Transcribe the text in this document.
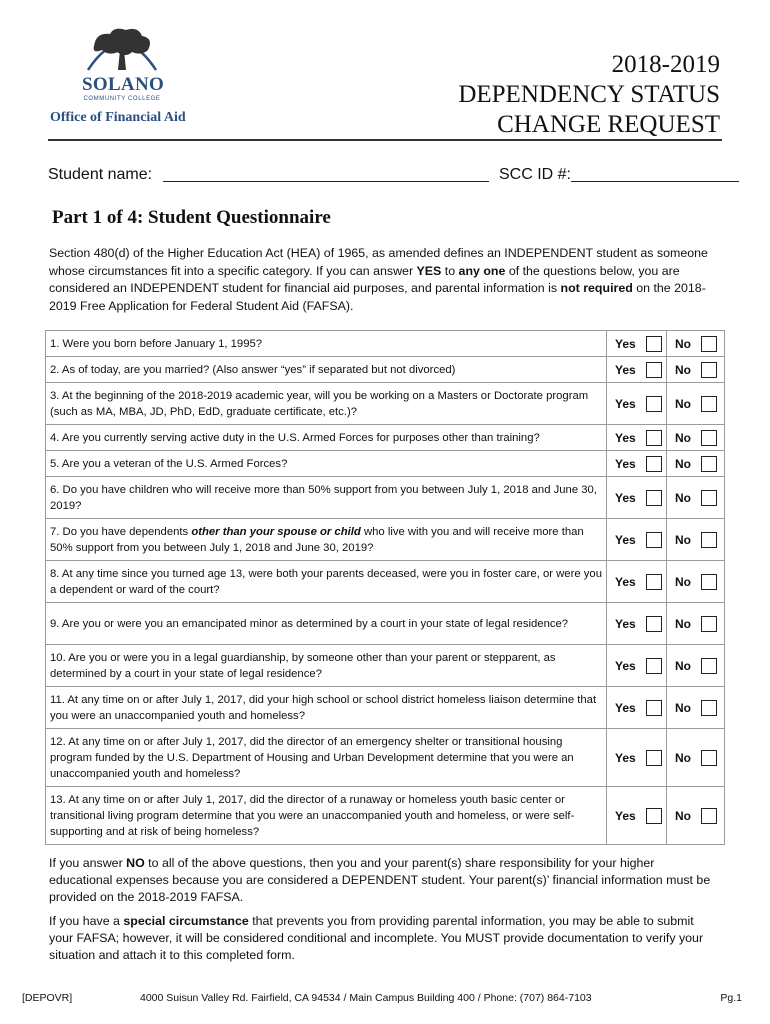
SOLANO
COMMUNITY COLLEGE
Office of Financial Aid
2018-2019
DEPENDENCY STATUS
CHANGE REQUEST
Student name:	SCC ID #:
Part 1 of 4: Student Questionnaire
Section 480(d) of the Higher Education Act (HEA) of 1965, as amended defines an INDEPENDENT student as someone whose circumstances fit into a specific category. If you can answer YES to any one of the questions below, you are considered an INDEPENDENT student for financial aid purposes, and parental information is not required on the 2018-2019 Free Application for Federal Student Aid (FAFSA).
1. Were you born before January 1, 1995?	Yes	No
2. As of today, are you married? (Also answer “yes” if separated but not divorced)	Yes	No
3. At the beginning of the 2018-2019 academic year, will you be working on a Masters or Doctorate program (such as MA, MBA, JD, PhD, EdD, graduate certificate, etc.)?	Yes	No
4. Are you currently serving active duty in the U.S. Armed Forces for purposes other than training?	Yes	No
5. Are you a veteran of the U.S. Armed Forces?	Yes	No
6. Do you have children who will receive more than 50% support from you between July 1, 2018 and June 30, 2019?	Yes	No
7. Do you have dependents other than your spouse or child who live with you and will receive more than 50% support from you between July 1, 2018 and June 30, 2019?	Yes	No
8. At any time since you turned age 13, were both your parents deceased, were you in foster care, or were you a dependent or ward of the court?	Yes	No
9. Are you or were you an emancipated minor as determined by a court in your state of legal residence?	Yes	No
10. Are you or were you in a legal guardianship, by someone other than your parent or stepparent, as determined by a court in your state of legal residence?	Yes	No
11. At any time on or after July 1, 2017, did your high school or school district homeless liaison determine that you were an unaccompanied youth and homeless?	Yes	No
12. At any time on or after July 1, 2017, did the director of an emergency shelter or transitional housing program funded by the U.S. Department of Housing and Urban Development determine that you were an unaccompanied youth and homeless?	Yes	No
13. At any time on or after July 1, 2017, did the director of a runaway or homeless youth basic center or transitional living program determine that you were an unaccompanied youth and homeless, or were self-supporting and at risk of being homeless?	Yes	No
If you answer NO to all of the above questions, then you and your parent(s) share responsibility for your higher educational expenses because you are considered a DEPENDENT student. Your parent(s)’ financial information must be provided on the 2018-2019 FAFSA.
If you have a special circumstance that prevents you from providing parental information, you may be able to submit your FAFSA; however, it will be considered conditional and incomplete. You MUST provide documentation to verify your situation and attach it to this completed form.
[DEPOVR]	4000 Suisun Valley Rd. Fairfield, CA 94534 / Main Campus Building 400 / Phone: (707) 864-7103	Pg.1
